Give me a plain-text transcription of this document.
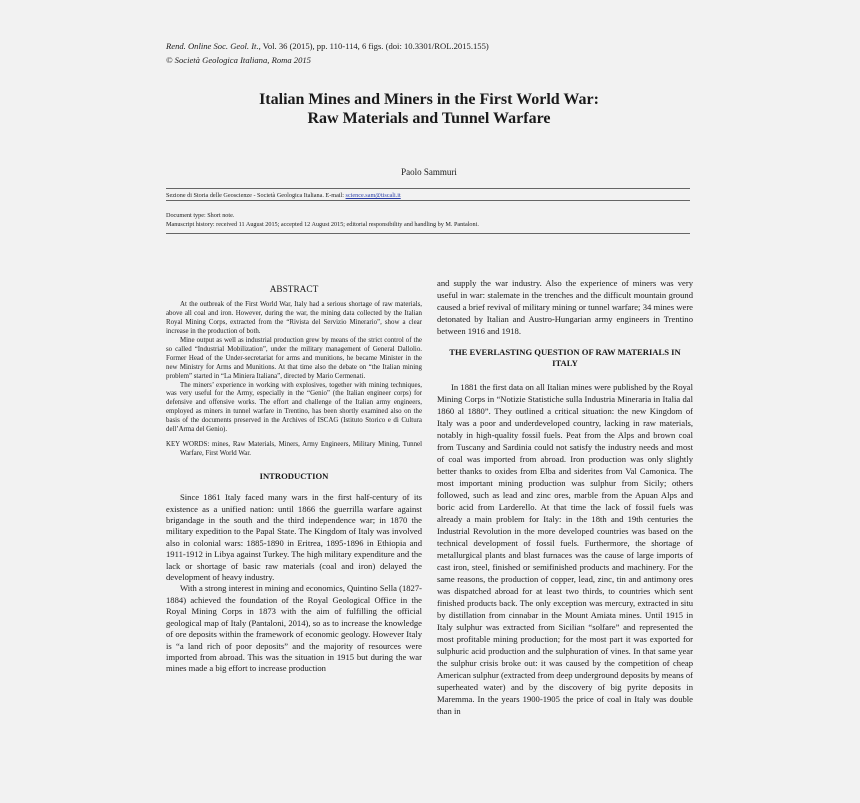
Rend. Online Soc. Geol. It., Vol. 36 (2015), pp. 110-114, 6 figs. (doi: 10.3301/ROL.2015.155)
© Società Geologica Italiana, Roma 2015
Italian Mines and Miners in the First World War:
Raw Materials and Tunnel Warfare
Paolo Sammuri
Sezione di Storia delle Geoscienze - Società Geologica Italiana. E-mail: science.sam@tiscali.it
Document type: Short note.
Manuscript history: received 11 August 2015; accepted 12 August 2015; editorial responsibility and handling by M. Pantaloni.
ABSTRACT

At the outbreak of the First World War, Italy had a serious shortage of raw materials, above all coal and iron. However, during the war, the mining data collected by the Italian Royal Mining Corps, extracted from the “Rivista del Servizio Minerario”, show a clear increase in the production of both.

Mine output as well as industrial production grew by means of the strict control of the so called “Industrial Mobilization”, under the military management of General Dallolio. Former Head of the Under-secretariat for arms and munitions, he became Minister in the new Ministry for Arms and Munitions. At that time also the debate on “the Italian mining problem” started in “La Miniera Italiana”, directed by Mario Cermenati.

The miners’ experience in working with explosives, together with mining techniques, was very useful for the Army, especially in the “Genio” (the Italian engineer corps) for defensive and offensive works. The effort and challenge of the Italian army engineers, employed as miners in tunnel warfare in Trentino, has been shortly examined also on the basis of the documents preserved in the Archives of ISCAG (Istituto Storico e di Cultura dell’Arma del Genio).

KEY WORDS: mines, Raw Materials, Miners, Army Engineers, Military Mining, Tunnel Warfare, First World War.
INTRODUCTION

Since 1861 Italy faced many wars in the first half-century of its existence as a unified nation: until 1866 the guerrilla warfare against brigandage in the south and the third independence war; in 1870 the military expedition to the Papal State. The Kingdom of Italy was involved also in colonial wars: 1885-1890 in Eritrea, 1895-1896 in Ethiopia and 1911-1912 in Libya against Turkey. The high military expenditure and the lack or shortage of basic raw materials (coal and iron) delayed the development of heavy industry.

With a strong interest in mining and economics, Quintino Sella (1827-1884) achieved the foundation of the Royal Geological Office in the Royal Mining Corps in 1873 with the aim of fulfilling the official geological map of Italy (Pantaloni, 2014), so as to increase the knowledge of ore deposits within the framework of economic geology. However Italy is “a land rich of poor deposits” and the majority of resources were imported from abroad. This was the situation in 1915 but during the war mines made a big effort to increase production

and supply the war industry. Also the experience of miners was very useful in war: stalemate in the trenches and the difficult mountain ground caused a brief revival of military mining or tunnel warfare; 34 mines were detonated by Italian and Austro-Hungarian army engineers in Trentino between 1916 and 1918.

THE EVERLASTING QUESTION OF RAW MATERIALS IN ITALY

In 1881 the first data on all Italian mines were published by the Royal Mining Corps in “Notizie Statistiche sulla Industria Mineraria in Italia dal 1860 al 1880”. They outlined a critical situation: the new Kingdom of Italy was a poor and underdeveloped country, lacking in raw materials, notably in high-quality fossil fuels. Peat from the Alps and brown coal from Tuscany and Sardinia could not satisfy the industry needs and most of coal was imported from abroad. Iron production was only slightly better thanks to oxides from Elba and siderites from Val Camonica. The most important mining production was sulphur from Sicily; others followed, such as lead and zinc ores, marble from the Apuan Alps and boric acid from Larderello. At that time the lack of fossil fuels was already a main problem for Italy: in the 18th and 19th centuries the Industrial Revolution in the more developed countries was based on the technical development of fossil fuels. Furthermore, the shortage of metallurgical plants and blast furnaces was the cause of large imports of cast iron, steel, finished or semifinished products and machinery. For the same reasons, the production of copper, lead, zinc, tin and antimony ores was dispatched abroad for at least two thirds, to countries which sent finished products back. The only exception was mercury, extracted in situ by distillation from cinnabar in the Mount Amiata mines. Until 1915 in Italy sulphur was extracted from Sicilian “solfare” and represented the most profitable mining production; for the most part it was exported for sulphuric acid production and the sulphuration of vines. In that same year the sulphur crisis broke out: it was caused by the competition of cheap American sulphur (extracted from deep underground deposits by means of superheated water) and by the discovery of big pyrite deposits in Maremma. In the years 1900-1905 the price of coal in Italy was double than in
